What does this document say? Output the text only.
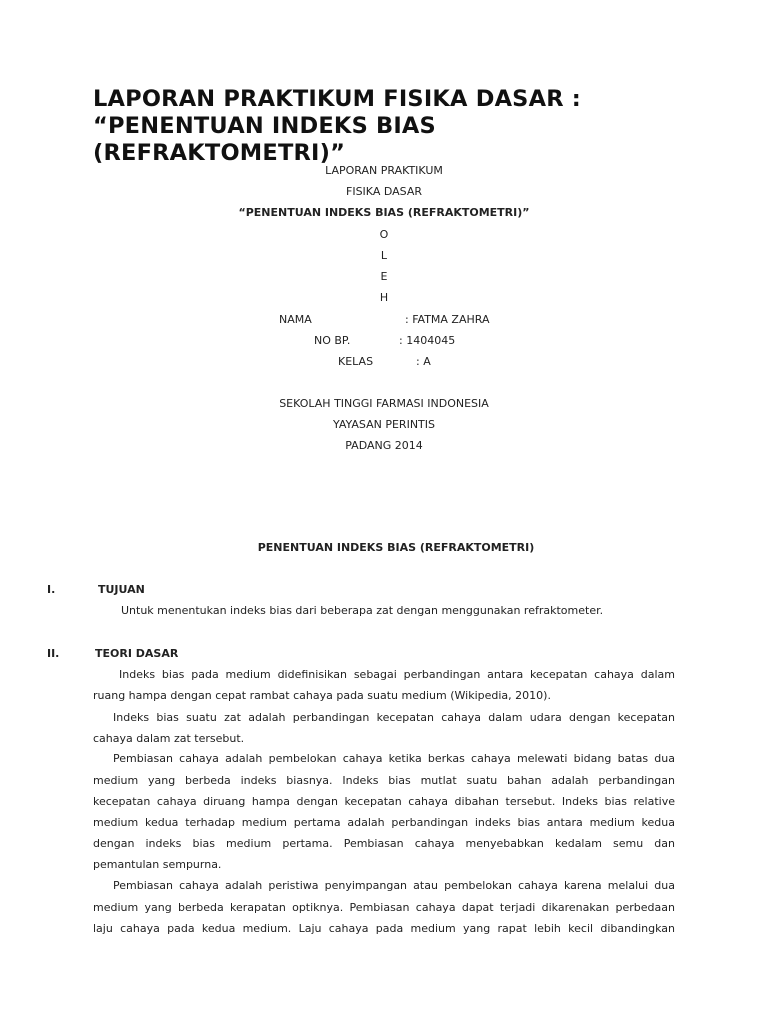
LAPORAN PRAKTIKUM FISIKA DASAR :
“PENENTUAN INDEKS BIAS
(REFRAKTOMETRI)”
LAPORAN PRAKTIKUM
FISIKA DASAR
“PENENTUAN INDEKS BIAS (REFRAKTOMETRI)”
O
L
E
H
NAMA	: FATMA ZAHRA
NO BP.	: 1404045
KELAS	: A
SEKOLAH TINGGI FARMASI INDONESIA
YAYASAN PERINTIS
PADANG 2014
PENENTUAN INDEKS BIAS (REFRAKTOMETRI)
I.	TUJUAN
Untuk menentukan indeks bias dari beberapa zat dengan menggunakan refraktometer.
II.	TEORI DASAR
Indeks bias pada medium didefinisikan sebagai perbandingan antara kecepatan cahaya dalam
ruang hampa dengan cepat rambat cahaya pada suatu medium (Wikipedia, 2010).
Indeks bias suatu zat adalah perbandingan kecepatan cahaya dalam udara dengan kecepatan
cahaya dalam zat tersebut.
Pembiasan cahaya adalah pembelokan cahaya ketika berkas cahaya melewati bidang batas dua
medium yang berbeda indeks biasnya. Indeks bias mutlat suatu bahan adalah perbandingan
kecepatan cahaya diruang hampa dengan kecepatan cahaya dibahan tersebut. Indeks bias relative
medium kedua terhadap medium pertama adalah perbandingan indeks bias antara medium kedua
dengan indeks bias medium pertama. Pembiasan cahaya menyebabkan kedalam semu dan
pemantulan sempurna.
Pembiasan cahaya adalah peristiwa penyimpangan atau pembelokan cahaya karena melalui dua
medium yang berbeda kerapatan optiknya. Pembiasan cahaya dapat terjadi dikarenakan perbedaan
laju cahaya pada kedua medium. Laju cahaya pada medium yang rapat lebih kecil dibandingkan
